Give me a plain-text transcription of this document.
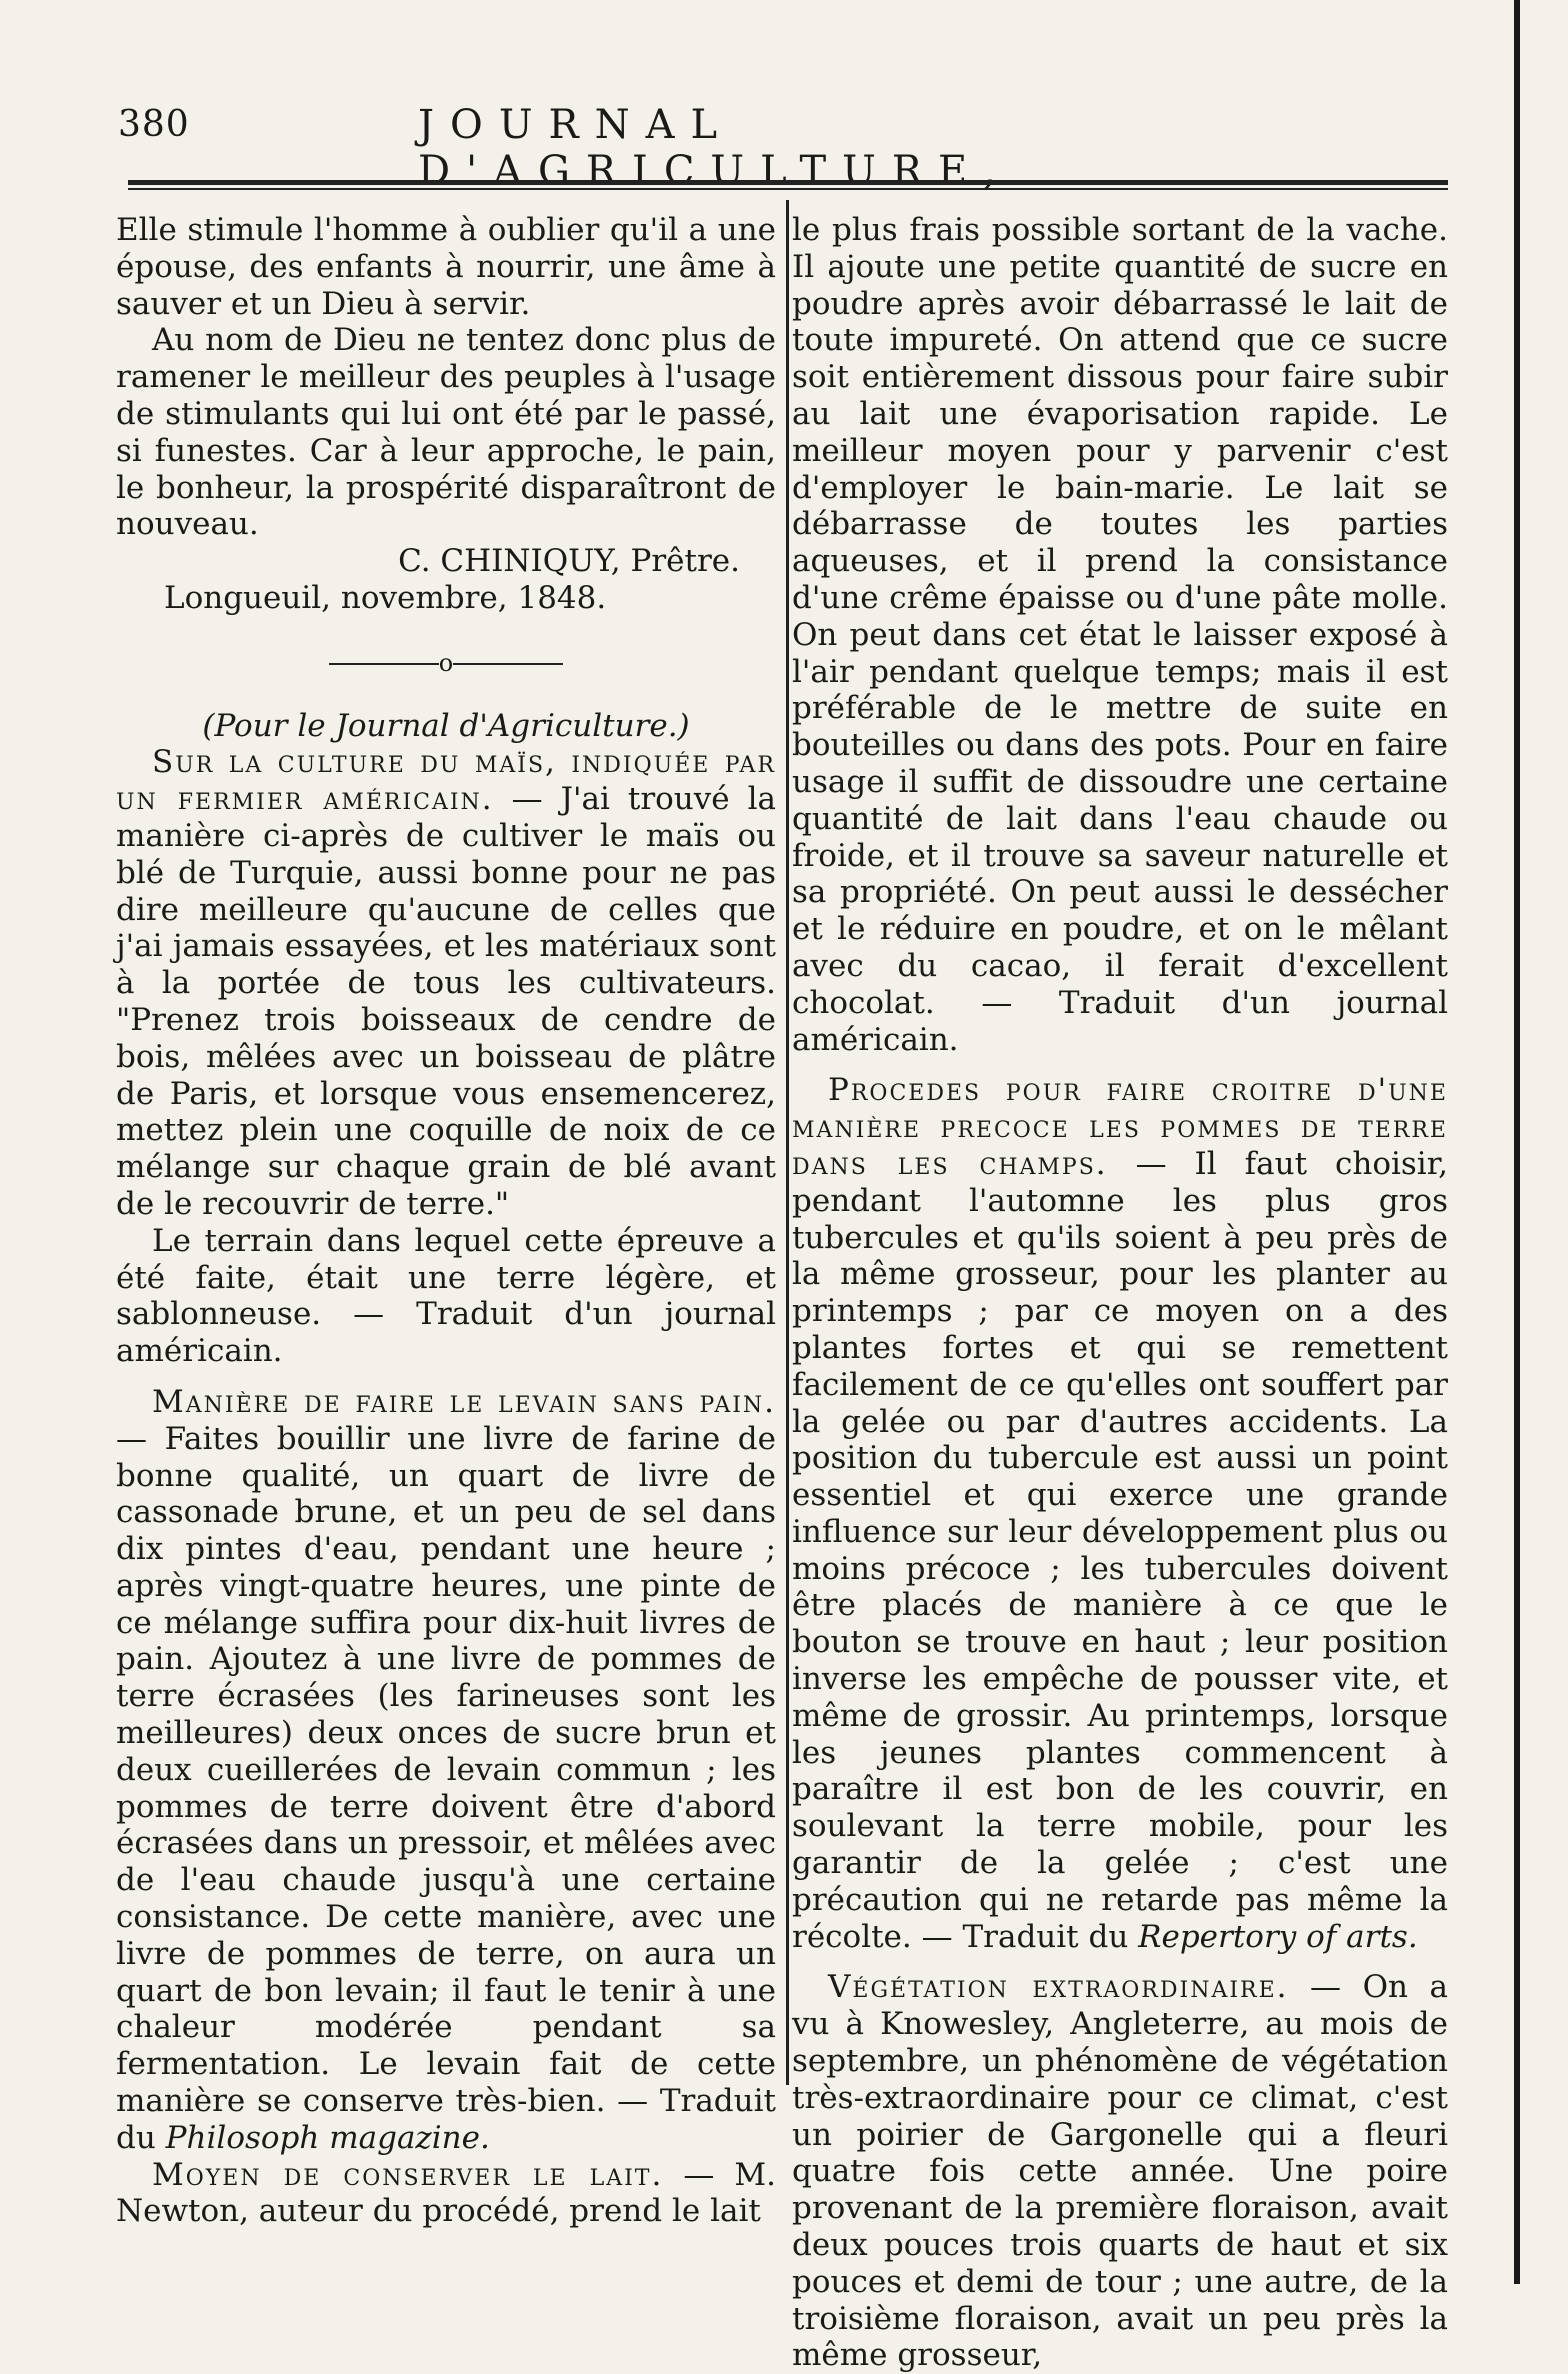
380	JOURNAL D'AGRICULTURE,

Elle stimule l'homme à oublier qu'il a une épouse, des enfants à nourrir, une âme à sauver et un Dieu à servir.

Au nom de Dieu ne tentez donc plus de ramener le meilleur des peuples à l'usage de stimulants qui lui ont été par le passé, si funestes. Car à leur approche, le pain, le bonheur, la prospérité disparaîtront de nouveau.

C. CHINIQUY, Prêtre.

Longueuil, novembre, 1848.

o

(Pour le Journal d'Agriculture.)

Sur la culture du maïs, indiquée par un fermier américain. — J'ai trouvé la manière ci-après de cultiver le maïs ou blé de Turquie, aussi bonne pour ne pas dire meilleure qu'aucune de celles que j'ai jamais essayées, et les matériaux sont à la portée de tous les cultivateurs. "Prenez trois boisseaux de cendre de bois, mêlées avec un boisseau de plâtre de Paris, et lorsque vous ensemencerez, mettez plein une coquille de noix de ce mélange sur chaque grain de blé avant de le recouvrir de terre."

Le terrain dans lequel cette épreuve a été faite, était une terre légère, et sablonneuse. — Traduit d'un journal américain.

Manière de faire le levain sans pain. — Faites bouillir une livre de farine de bonne qualité, un quart de livre de cassonade brune, et un peu de sel dans dix pintes d'eau, pendant une heure ; après vingt-quatre heures, une pinte de ce mélange suffira pour dix-huit livres de pain. Ajoutez à une livre de pommes de terre écrasées (les farineuses sont les meilleures) deux onces de sucre brun et deux cueillerées de levain commun ; les pommes de terre doivent être d'abord écrasées dans un pressoir, et mêlées avec de l'eau chaude jusqu'à une certaine consistance. De cette manière, avec une livre de pommes de terre, on aura un quart de bon levain; il faut le tenir à une chaleur modérée pendant sa fermentation. Le levain fait de cette manière se conserve très-bien. — Traduit du Philosoph magazine.

Moyen de conserver le lait. — M. Newton, auteur du procédé, prend le lait

le plus frais possible sortant de la vache. Il ajoute une petite quantité de sucre en poudre après avoir débarrassé le lait de toute impureté. On attend que ce sucre soit entièrement dissous pour faire subir au lait une évaporisation rapide. Le meilleur moyen pour y parvenir c'est d'employer le bain-marie. Le lait se débarrasse de toutes les parties aqueuses, et il prend la consistance d'une crême épaisse ou d'une pâte molle. On peut dans cet état le laisser exposé à l'air pendant quelque temps; mais il est préférable de le mettre de suite en bouteilles ou dans des pots. Pour en faire usage il suffit de dissoudre une certaine quantité de lait dans l'eau chaude ou froide, et il trouve sa saveur naturelle et sa propriété. On peut aussi le dessécher et le réduire en poudre, et on le mêlant avec du cacao, il ferait d'excellent chocolat. — Traduit d'un journal américain.

Procedes pour faire croitre d'une manière precoce les pommes de terre dans les champs. — Il faut choisir, pendant l'automne les plus gros tubercules et qu'ils soient à peu près de la même grosseur, pour les planter au printemps ; par ce moyen on a des plantes fortes et qui se remettent facilement de ce qu'elles ont souffert par la gelée ou par d'autres accidents. La position du tubercule est aussi un point essentiel et qui exerce une grande influence sur leur développement plus ou moins précoce ; les tubercules doivent être placés de manière à ce que le bouton se trouve en haut ; leur position inverse les empêche de pousser vite, et même de grossir. Au printemps, lorsque les jeunes plantes commencent à paraître il est bon de les couvrir, en soulevant la terre mobile, pour les garantir de la gelée ; c'est une précaution qui ne retarde pas même la récolte. — Traduit du Repertory of arts.

Végétation extraordinaire. — On a vu à Knowesley, Angleterre, au mois de septembre, un phénomène de végétation très-extraordinaire pour ce climat, c'est un poirier de Gargonelle qui a fleuri quatre fois cette année. Une poire provenant de la première floraison, avait deux pouces trois quarts de haut et six pouces et demi de tour ; une autre, de la troisième floraison, avait un peu près la même grosseur,
